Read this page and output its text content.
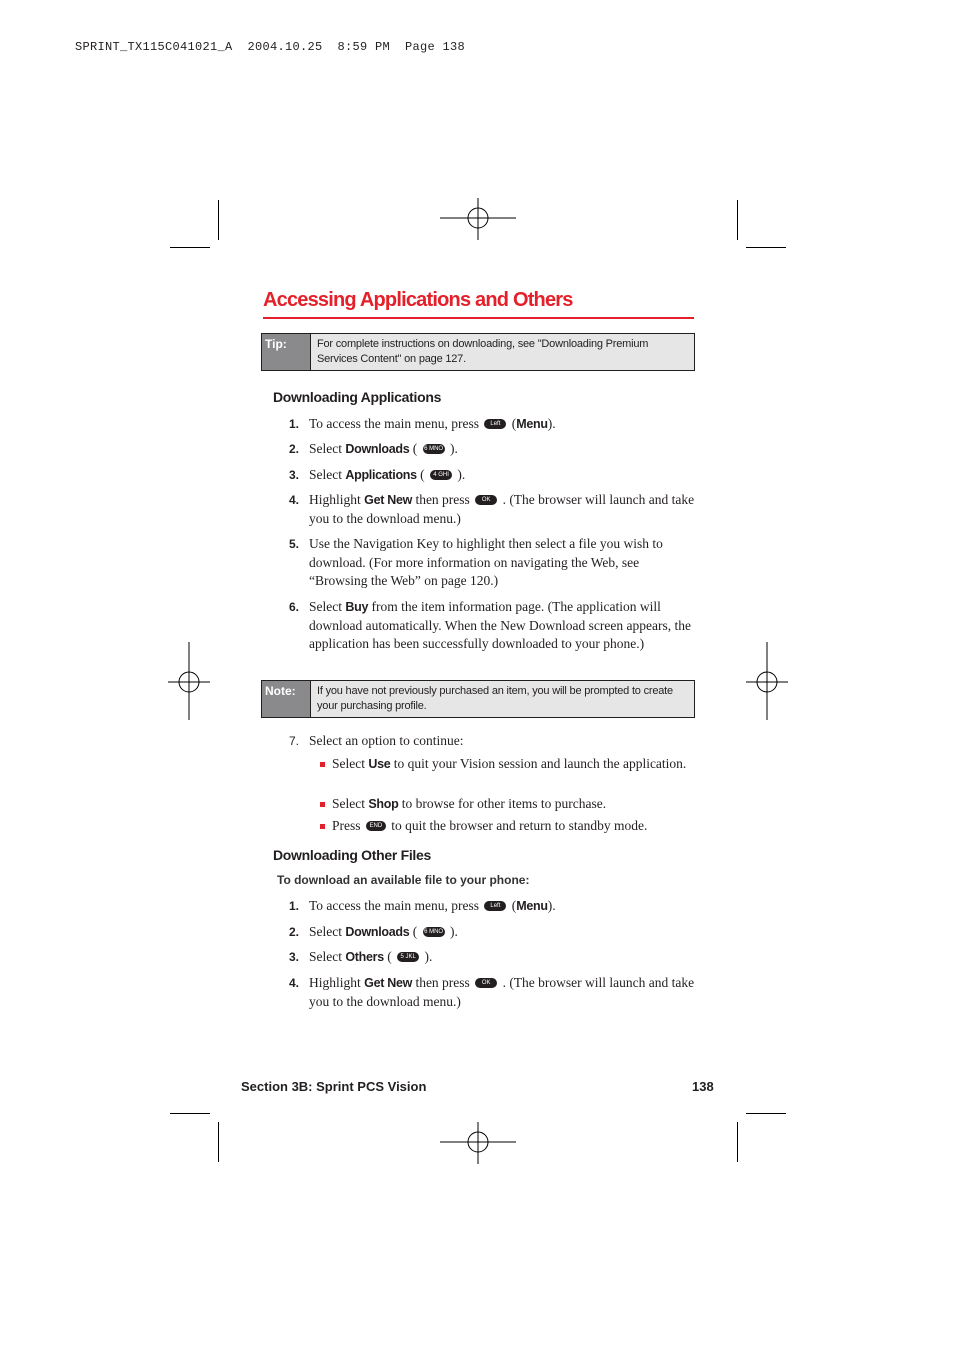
SPRINT_TX115C041021_A  2004.10.25  8:59 PM  Page 138
Accessing Applications and Others
Tip:	For complete instructions on downloading, see "Downloading Premium Services Content" on page 127.
Downloading Applications
1. To access the main menu, press Left (Menu).
2. Select Downloads ( 6 MNO ).
3. Select Applications ( 4 GHI ).
4. Highlight Get New then press OK . (The browser will launch and take you to the download menu.)
5. Use the Navigation Key to highlight then select a file you wish to download. (For more information on navigating the Web, see “Browsing the Web” on page 120.)
6. Select Buy from the item information page. (The application will download automatically. When the New Download screen appears, the application has been successfully downloaded to your phone.)
Note:	If you have not previously purchased an item, you will be prompted to create your purchasing profile.
7. Select an option to continue:
Select Use to quit your Vision session and launch the application.
Select Shop to browse for other items to purchase.
Press END to quit the browser and return to standby mode.
Downloading Other Files
To download an available file to your phone:
1. To access the main menu, press Left (Menu).
2. Select Downloads ( 6 MNO ).
3. Select Others ( 5 JKL ).
4. Highlight Get New then press OK . (The browser will launch and take you to the download menu.)
Section 3B: Sprint PCS Vision	138
